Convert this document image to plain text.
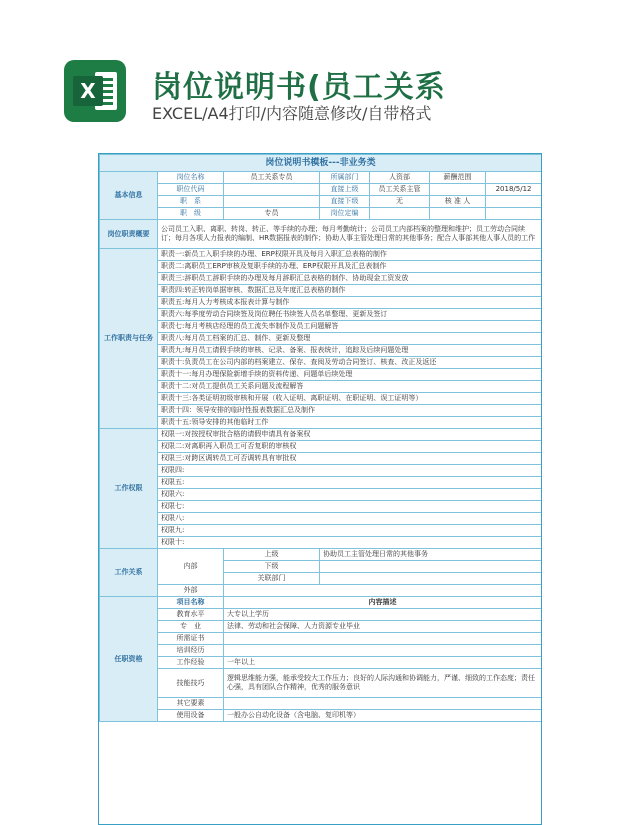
X 岗位说明书(员工关系
EXCEL/A4打印/内容随意修改/自带格式
岗位说明书模板---非业务类						
基本信息	岗位名称	员工关系专员	所属部门	人资部	薪酬范围	
	职位代码		直接上级	员工关系主管		2018/5/12
	职　系		直接下级	无	核 准 人	
	职　级	专员	岗位定编			
岗位职责概要	公司员工入职、离职、转岗、转正、等手续的办理；每月考勤统计；公司员工内部档案的整理和维护；员工劳动合同续订；每月各项人力报表的编制、HR数据报表的制作；协助人事主管处理日常的其他事务；配合人事部其他人事人员的工作					
工作职责与任务	职责一:新员工入职手续的办理、ERP权限开具及每月入职汇总表格的制作					
	职责二:离职员工ERP审核及复职手续的办理、ERP权限开具及汇总表制作					
	职责三:辞职员工辞职手续的办理及每月辞职汇总表格的制作、协助现金工资发放					
	职责四:转正转岗单据审核、数据汇总及年度汇总表格的制作					
	职责五:每月人力考核成本报表计算与制作					
	职责六:每季度劳动合同续签及岗位聘任书续签人员名单整理、更新及签订					
	职责七:每月考核店经理的员工流失率制作及员工问题解答					
	职责八:每月员工档案的汇总、制作、更新及整理					
	职责九:每月员工请假手续的审核、记录、备案、报表统计，追踪及后续问题处理					
	职责十:负责员工在公司内部的档案建立、保存、查阅及劳动合同签订、核查、改正及返还					
	职责十一:每月办理保险新增手续的资料传递、问题单后续处理					
	职责十二:对员工提供员工关系问题及流程解答					
	职责十三:各类证明初级审核和开展（收入证明、离职证明、在职证明、误工证明等）					
	职责十四：领导安排的临时性报表数据汇总及制作					
	职责十五:领导安排的其他临时工作					
工作权限	权限一:对按授权审批合格的请假申请具有备案权					
	权限二:对离职再入职员工可否复职的审核权					
	权限三:对跨区调转员工可否调转具有审批权					
	权限四:					
	权限五:					
	权限六:					
	权限七:					
	权限八:					
	权限九:					
	权限十:					
工作关系	内部	上级	协助员工主管处理日常的其他事务			
		下级				
		关联部门				
	外部					
任职资格	项目名称	内容描述				
	教育水平	大专以上学历				
	专　业	法律、劳动和社会保障、人力资源专业毕业				
	所需证书					
	培训经历					
	工作经验	一年以上				
	技能技巧	逻辑思维能力强，能承受较大工作压力；良好的人际沟通和协调能力，严谨、细致的工作态度；责任心强，具有团队合作精神，优秀的服务意识				
	其它要素					
	使用设备	一般办公自动化设备（含电脑、复印机等）				
